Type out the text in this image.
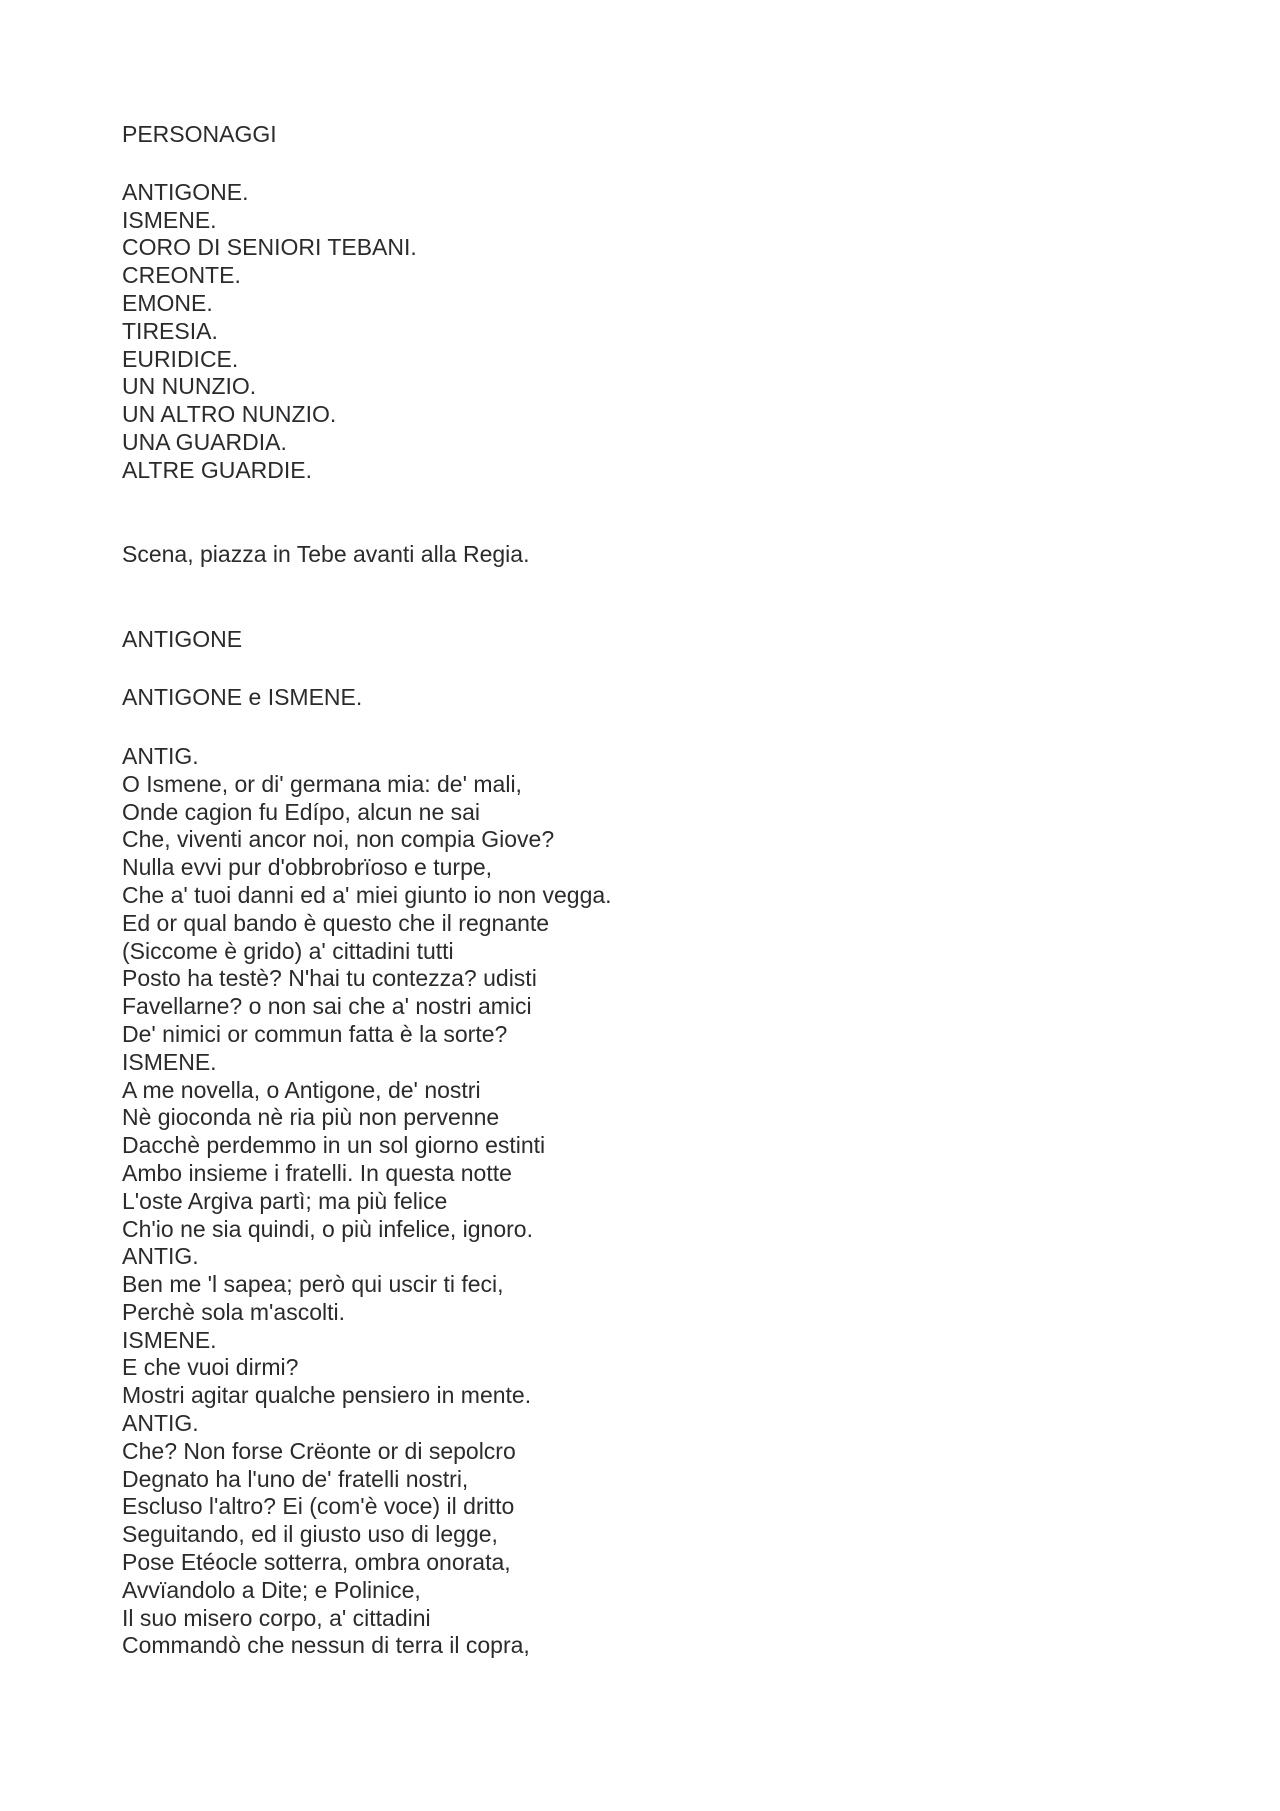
PERSONAGGI
ANTIGONE.
ISMENE.
CORO DI SENIORI TEBANI.
CREONTE.
EMONE.
TIRESIA.
EURIDICE.
UN NUNZIO.
UN ALTRO NUNZIO.
UNA GUARDIA.
ALTRE GUARDIE.
Scena, piazza in Tebe avanti alla Regia.
ANTIGONE
ANTIGONE e ISMENE.
ANTIG.
O Ismene, or di' germana mia: de' mali,
Onde cagion fu Edípo, alcun ne sai
Che, viventi ancor noi, non compia Giove?
Nulla evvi pur d'obbrobrïoso e turpe,
Che a' tuoi danni ed a' miei giunto io non vegga.
Ed or qual bando è questo che il regnante
(Siccome è grido) a' cittadini tutti
Posto ha testè? N'hai tu contezza? udisti
Favellarne? o non sai che a' nostri amici
De' nimici or commun fatta è la sorte?
ISMENE.
A me novella, o Antigone, de' nostri
Nè gioconda nè ria più non pervenne
Dacchè perdemmo in un sol giorno estinti
Ambo insieme i fratelli. In questa notte
L'oste Argiva partì; ma più felice
Ch'io ne sia quindi, o più infelice, ignoro.
ANTIG.
Ben me 'l sapea; però qui uscir ti feci,
Perchè sola m'ascolti.
ISMENE.
E che vuoi dirmi?
Mostri agitar qualche pensiero in mente.
ANTIG.
Che? Non forse Crëonte or di sepolcro
Degnato ha l'uno de' fratelli nostri,
Escluso l'altro? Ei (com'è voce) il dritto
Seguitando, ed il giusto uso di legge,
Pose Etéocle sotterra, ombra onorata,
Avvïandolo a Dite; e Polinice,
Il suo misero corpo, a' cittadini
Commandò che nessun di terra il copra,
